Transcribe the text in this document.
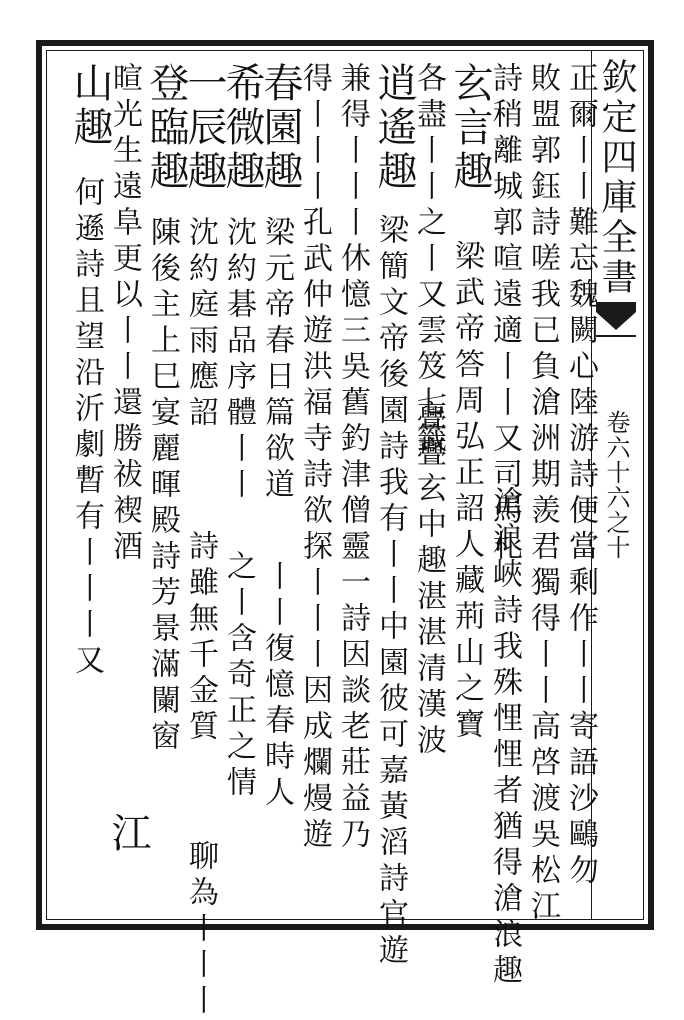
欽定四庫全書
卷六十六之十
正爾丨丨難忘魏闕心陸游詩便當剩作丨丨寄語沙鷗勿
敗盟郭鈺詩嗟我已負滄洲期羨君獨得丨丨高啓渡吳松江
詩稍離城郭喧遠適丨丨又司馬札
滄浪峽詩我殊悝悝者猶得滄浪趣
玄言趣
梁武帝答周弘正詔人藏荊山之寶
各盡丨丨之丨又雲笈七籤
亹亹玄中趣湛湛清漢波
逍遙趣
梁簡文帝後園詩我有丨丨中園彼可嘉黃滔詩官遊
兼得丨丨丨休憶三吳舊釣津僧靈一詩因談老莊益乃
得丨丨丨孔武仲遊洪福寺詩欲探丨丨丨因成爛熳遊
春園趣
梁元帝春日篇欲道
丨丨復憶春時人
希微趣
沈約碁品序體丨丨
之丨含奇正之情
一辰趣
沈約庭雨應詔
詩雖無千金質
聊為丨丨丨
登臨趣
陳後主上巳宴麗暉殿詩芳景滿闌窗
暄光生遠阜更以丨丨還勝祓褉酒
江
山趣
何遜詩且望沿沂劇暫有丨丨丨又
